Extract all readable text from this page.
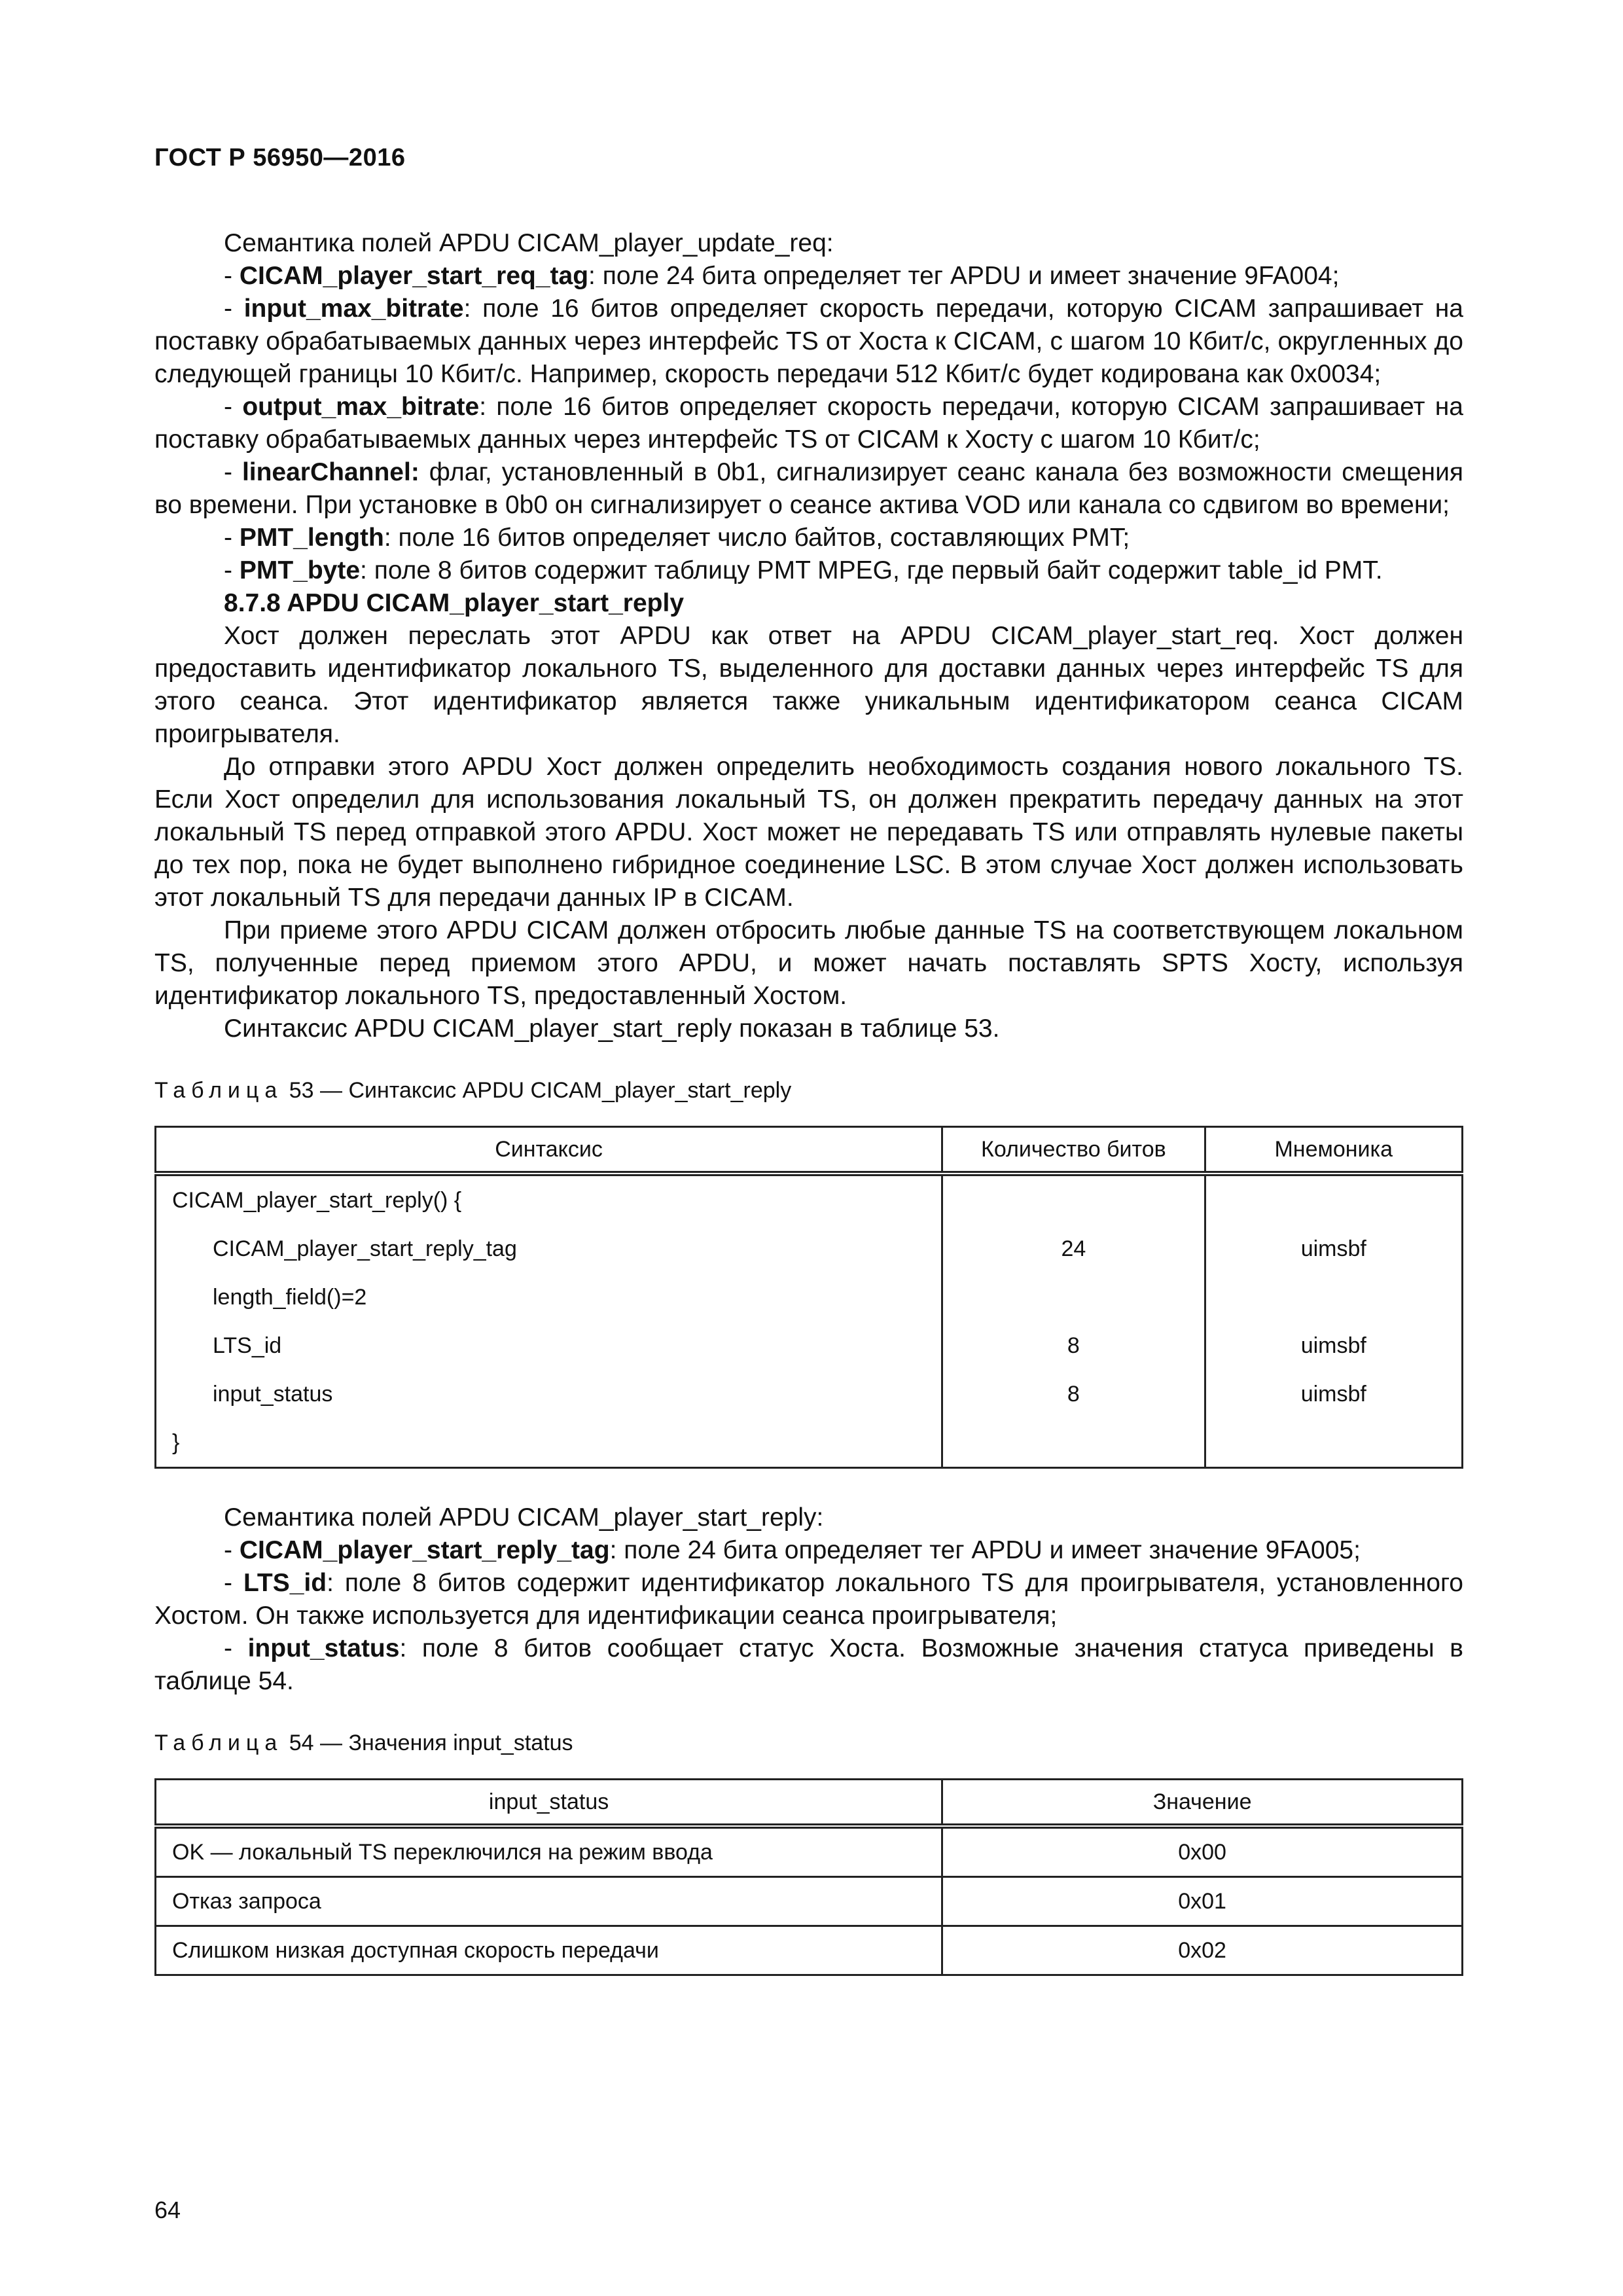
ГОСТ Р 56950—2016

Семантика полей APDU CICAM_player_update_req:

- CICAM_player_start_req_tag: поле 24 бита определяет тег APDU и имеет значение 9FA004;

- input_max_bitrate: поле 16 битов определяет скорость передачи, которую CICAM запрашивает на поставку обрабатываемых данных через интерфейс TS от Хоста к CICAM, с шагом 10 Кбит/с, округленных до следующей границы 10 Кбит/с. Например, скорость передачи 512 Кбит/с будет кодирована как 0x0034;

- output_max_bitrate: поле 16 битов определяет скорость передачи, которую CICAM запрашивает на поставку обрабатываемых данных через интерфейс TS от CICAM к Хосту с шагом 10 Кбит/с;

- linearChannel: флаг, установленный в 0b1, сигнализирует сеанс канала без возможности смещения во времени. При установке в 0b0 он сигнализирует о сеансе актива VOD или канала со сдвигом во времени;

- PMT_length: поле 16 битов определяет число байтов, составляющих PMT;

- PMT_byte: поле 8 битов содержит таблицу PMT MPEG, где первый байт содержит table_id PMT.

8.7.8 APDU CICAM_player_start_reply

Хост должен переслать этот APDU как ответ на APDU CICAM_player_start_req. Хост должен предоставить идентификатор локального TS, выделенного для доставки данных через интерфейс TS для этого сеанса. Этот идентификатор является также уникальным идентификатором сеанса CICAM проигрывателя.

До отправки этого APDU Хост должен определить необходимость создания нового локального TS. Если Хост определил для использования локальный TS, он должен прекратить передачу данных на этот локальный TS перед отправкой этого APDU. Хост может не передавать TS или отправлять нулевые пакеты до тех пор, пока не будет выполнено гибридное соединение LSC. В этом случае Хост должен использовать этот локальный TS для передачи данных IP в CICAM.

При приеме этого APDU CICAM должен отбросить любые данные TS на соответствующем локальном TS, полученные перед приемом этого APDU, и может начать поставлять SPTS Хосту, используя идентификатор локального TS, предоставленный Хостом.

Синтаксис APDU CICAM_player_start_reply показан в таблице 53.

Таблица 53 — Синтаксис APDU CICAM_player_start_reply
Синтаксис	Количество битов	Мнемоника
CICAM_player_start_reply() {		
CICAM_player_start_reply_tag	24	uimsbf
length_field()=2		
LTS_id	8	uimsbf
input_status	8	uimsbf
}		

Семантика полей APDU CICAM_player_start_reply:

- CICAM_player_start_reply_tag: поле 24 бита определяет тег APDU и имеет значение 9FA005;

- LTS_id: поле 8 битов содержит идентификатор локального TS для проигрывателя, установленного Хостом. Он также используется для идентификации сеанса проигрывателя;

- input_status: поле 8 битов сообщает статус Хоста. Возможные значения статуса приведены в таблице 54.

Таблица 54 — Значения input_status
input_status	Значение
OK — локальный TS переключился на режим ввода	0x00
Отказ запроса	0x01
Слишком низкая доступная скорость передачи	0x02
64
